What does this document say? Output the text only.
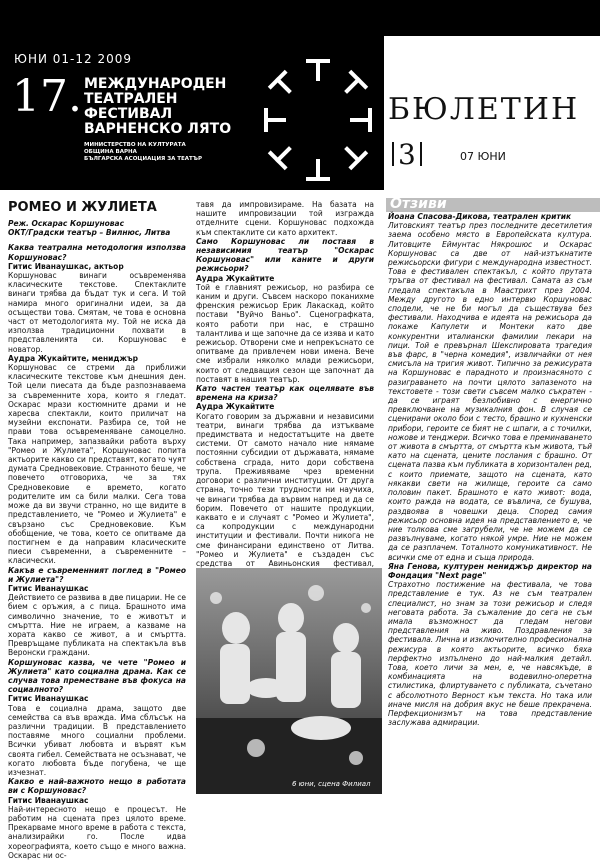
ЮНИ 01-12 2009
17. МЕЖДУНАРОДЕН
ТЕАТРАЛЕН ФЕСТИВАЛ
ВАРНЕНСКО ЛЯТО
МИНИСТЕРСТВО НА КУЛТУРАТА
ОБЩИНА ВАРНА
БЪЛГАРСКА АСОЦИАЦИЯ ЗА ТЕАТЪР
БЮЛЕТИН
3	07 ЮНИ
РОМЕО И ЖУЛИЕТА
Реж. Оскарас Коршуновас
ОКТ/Градски театър – Вилнюс, Литва

Каква театрална методология използва Коршуновас?

Гитис Иванаушкас, актьор

Коршуновас винаги осъвременява класическите текстове. Спектаклите винаги трябва да бъдат тук и сега. И той намира много оригинални идеи, за да осъществи това. Смятам, че това е основна част от методологията му. Той не иска да използва традиционни похвати в представленията си. Коршуновас е новатор.

Аудра Жукайтите, мениджър

Коршуновас се стреми да приближи класическите текстове към днешния ден. Той цели пиесата да бъде разпознаваема за съвременните хора, които я гледат. Оскарас мрази костюмните драми и не харесва спектакли, които приличат на музейни експонати. Разбира се, той не прави това осъвременяване самоцелно. Така например, запазвайки работа върху "Ромео и Жулиета", Коршуновас попита актьорите какво си представят, когато чуят думата Средновековие. Странното беше, че повечето отговориха, че за тях Средновековие е времето, когато родителите им са били малки. Сега това може да ви звучи странно, но ще видите в представлението, че "Ромео и Жулиета" е свързано със Средновековие. Към обобщение, че това, което се опитваме да постигнем е да направим класическите пиеси съвременни, а съвременните – класически.

Какъв е съвременният поглед в "Ромео и Жулиета"?

Гитис Иванаушкас

Действието се развива в две пицарии. Не се бием с оръжия, а с пица. Брашното има символично значение, то е животът и смъртта. Ние не играем, а казваме на хората какво се живот, а и смъртта. Превръщаме публиката на спектакъла във Веронски граждани.

Коршуновас казва, че чете "Ромео и Жулиета" като социална драма. Как се случва това преместване във фокуса на социалното?

Гитис Иванаушкас

Това е социална драма, защото две семейства са във вражда. Има сблъсък на различни традиции. В представлението поставяме много социални проблеми. Всички убиват любовта и вървят към своята гибел. Семействата не осъзнават, че когато любовта бъде погубена, че ще изчезнат.

Какво е най-важното нещо в работата ви с Коршуновас?

Гитис Иванаушкас

Най-интересното нещо е процесът. Не работим на сцената през цялото време. Прекарваме много време в работа с текста, анализирайки го. После идва хореографията, което също е много важна. Оскарас ни ос-

тавя да импровизираме. На базата на нашите импровизации той изгражда отделните сцени. Коршуновас подхожда към спектаклите си като архитект.

Само Коршуновас ли поставя в независимия театър "Оскарас Коршуновас" или каните и други режисьори?

Аудра Жукайтите

Той е главният режисьор, но разбира се каним и други. Съвсем наскоро поканихме френския режисьор Ерик Лакаскад, който постави "Вуйчо Ваньо". Сценографката, която работи при нас, е страшно талантлива и ще започне да се изява и като режисьор. Отворени сме и непрекъснато се опитваме да привлечем нови имена. Вече сме избрали няколко млади режисьори, които от следващия сезон ще започнат да поставят в нашия театър.

Като частен театър как оцелявате във времена на криза?

Аудра Жукайтите

Когато говорим за държавни и независими театри, винаги трябва да изтъкваме предимствата и недостатъците на двете системи. От самото начало ние нямаме постоянни субсидии от държавата, нямаме собствена сграда, нито дори собствена трупа. Преживяваме чрез временни договори с различни институции. От друга страна, точно тези трудности ни научиха, че винаги трябва да вървим напред и да се борим. Повечето от нашите продукции, каквато е и случаят с "Ромео и Жулиета", са копродукции с международни институции и фестивали. Почти никога не сме финансирани единствено от Литва. "Ромео и Жулиета" е създаден със средства от Авиньонския фестивал,

6 юни, сцена Филиал
Отзиви

Йоана Спасова-Дикова, театрален критик

Литовският театър през последните десетилетия заема особено място в Европейската култура. Литовците Еймунтас Някрошюс и Оскарас Коршуновас са две от най-изтъкнатите режисьорски фигури с международна известност. Това е фестивален спектакъл, с който прутата тръгва от фестивал на фестивал. Самата аз съм гледала спектакъла в Маастрихт през 2004. Между другото в едно интервю Коршуновас сподели, че не би могъл да съществува без фестивали. Находчива е идеята на режисьора да покаже Капулети и Монтеки като две конкурентни италиански фамилии пекари на пици. Той е превърнал Шекспировата трагедия във фарс, в "черна комедия", извличайки от нея смисъла на тригия живот. Типично за режисурата на Коршуновас е парадното и произнасяното с разиграването на почти цялото запазеното на текстовете - този свети съвсем малко съкратен - да се играят безлюбивно с енергично превключване на музикалния фон. В случая се сценирани около бои с тесто, брашно и кухненски прибори, героите се бият не с шпаги, а с точилки, ножове и тенджери. Всичко това е преминаването от живота в смъртта, от смъртта към живота, тъй като на сцената, цените послания с брашно. От сцената пазва към публиката в хоризонтален ред, с които приемате, защото на сцената, като някакви свети на жилище, героите са само половин пакет. Брашното е като живот: вода, които ражда на водата, се въвлича, се бушува, раздвоява в човешки деца. Според самия режисьор основна идея на представлението е, че ние толкова сме загрубели, че не можем да се развълнуваме, когато някой умре. Ние не можем да се разплачем. Тоталното комуникативност. Не всички сме от една и съща природа.

Яна Генова, културен мениджър директор на Фондация "Next page"

Страхотно постижение на фестивала, че това представление е тук. Аз не съм театрален специалист, но знам за този режисьор и следя неговата работа. За съжаление до сега не съм имала възможност да гледам негови представления на живо. Поздравления за фестивала. Лична и изключително професионална режисура в която актьорите, всичко бяха перфектно изпълнено до най-малкия детайл. Това, което личи за мен, е, че навсякъде, в комбинацията на водевилно-оперетна стилистика, флиртуването с публиката, съчетано с абсолютното Верност към текста. Но така или иначе мисля на добрия вкус не беше прекрачена. Перфекционизмът на това представление заслужава адмирации.
